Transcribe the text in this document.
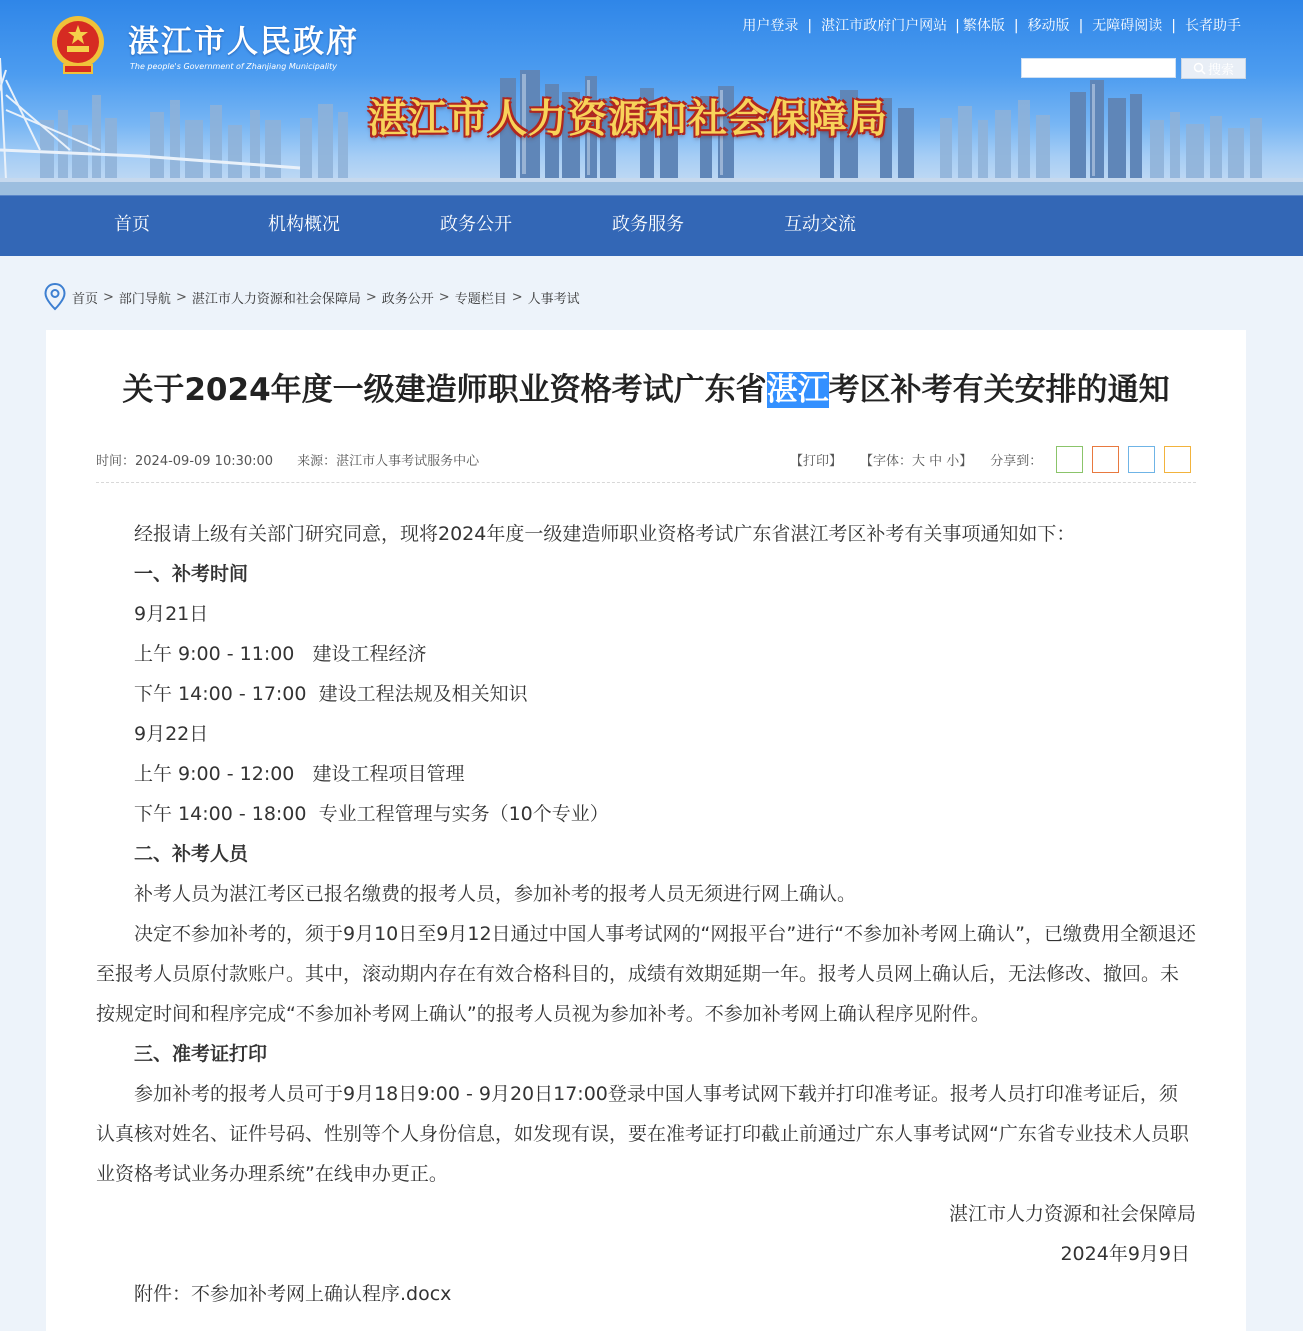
湛江市人民政府
The people's Government of Zhanjiang Municipality
用户登录 | 湛江市政府门户网站 | 繁体版 | 移动版 | 无障碍阅读 | 长者助手
搜索
湛江市人力资源和社会保障局
首页	机构概况	政务公开	政务服务	互动交流
首页 > 部门导航 > 湛江市人力资源和社会保障局 > 政务公开 > 专题栏目 > 人事考试
关于2024年度一级建造师职业资格考试广东省湛江考区补考有关安排的通知
时间：2024-09-09 10:30:00 来源：湛江市人事考试服务中心	【打印】 【字体：大 中 小】 分享到：

经报请上级有关部门研究同意，现将2024年度一级建造师职业资格考试广东省湛江考区补考有关事项通知如下：

一、补考时间

9月21日

上午 9:00 - 11:00   建设工程经济

下午 14:00 - 17:00  建设工程法规及相关知识

9月22日

上午 9:00 - 12:00   建设工程项目管理

下午 14:00 - 18:00  专业工程管理与实务（10个专业）

二、补考人员

补考人员为湛江考区已报名缴费的报考人员，参加补考的报考人员无须进行网上确认。

决定不参加补考的，须于9月10日至9月12日通过中国人事考试网的“网报平台”进行“不参加补考网上确认”，已缴费用全额退还至报考人员原付款账户。其中，滚动期内存在有效合格科目的，成绩有效期延期一年。报考人员网上确认后，无法修改、撤回。未按规定时间和程序完成“不参加补考网上确认”的报考人员视为参加补考。不参加补考网上确认程序见附件。

三、准考证打印

参加补考的报考人员可于9月18日9:00 - 9月20日17:00登录中国人事考试网下载并打印准考证。报考人员打印准考证后，须认真核对姓名、证件号码、性别等个人身份信息，如发现有误，要在准考证打印截止前通过广东人事考试网“广东省专业技术人员职业资格考试业务办理系统”在线申办更正。

湛江市人力资源和社会保障局

2024年9月9日

附件：不参加补考网上确认程序.docx
